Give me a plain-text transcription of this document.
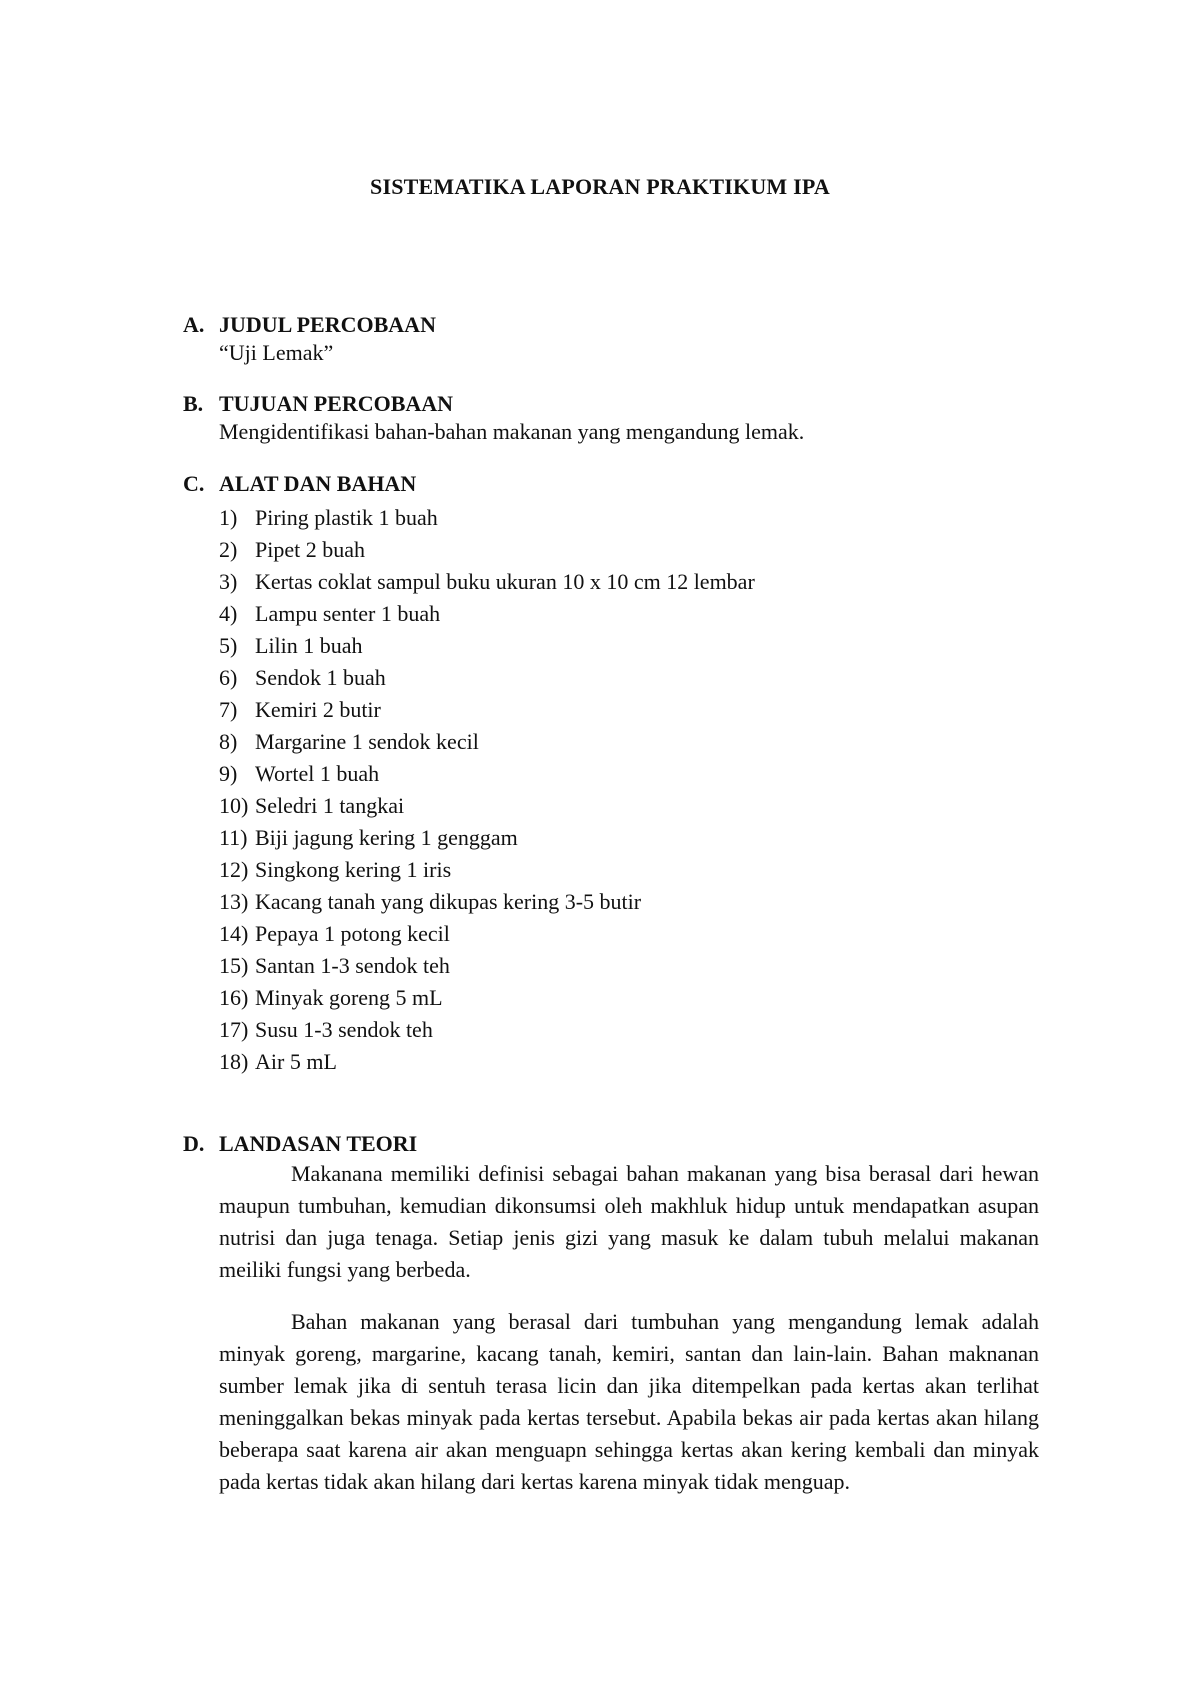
SISTEMATIKA LAPORAN PRAKTIKUM IPA
A. JUDUL PERCOBAAN
“Uji Lemak”
B. TUJUAN PERCOBAAN
Mengidentifikasi bahan-bahan makanan yang mengandung lemak.
C. ALAT DAN BAHAN
1) Piring plastik 1 buah
2) Pipet 2 buah
3) Kertas coklat sampul buku ukuran 10 x 10 cm 12 lembar
4) Lampu senter 1 buah
5) Lilin 1 buah
6) Sendok 1 buah
7) Kemiri 2 butir
8) Margarine 1 sendok kecil
9) Wortel 1 buah
10) Seledri 1 tangkai
11) Biji jagung kering 1 genggam
12) Singkong kering 1 iris
13) Kacang tanah yang dikupas kering 3-5 butir
14) Pepaya 1 potong kecil
15) Santan 1-3 sendok teh
16) Minyak goreng 5 mL
17) Susu 1-3 sendok teh
18) Air 5 mL
D. LANDASAN TEORI
Makanana memiliki definisi sebagai bahan makanan yang bisa berasal dari hewan maupun tumbuhan, kemudian dikonsumsi oleh makhluk hidup untuk mendapatkan asupan nutrisi dan juga tenaga. Setiap jenis gizi yang masuk ke dalam tubuh melalui makanan meiliki fungsi yang berbeda.
Bahan makanan yang berasal dari tumbuhan yang mengandung lemak adalah minyak goreng, margarine, kacang tanah, kemiri, santan dan lain-lain. Bahan maknanan sumber lemak jika di sentuh terasa licin dan jika ditempelkan pada kertas akan terlihat meninggalkan bekas minyak pada kertas tersebut. Apabila bekas air pada kertas akan hilang beberapa saat karena air akan menguapn sehingga kertas akan kering kembali dan minyak pada kertas tidak akan hilang dari kertas karena minyak tidak menguap.
